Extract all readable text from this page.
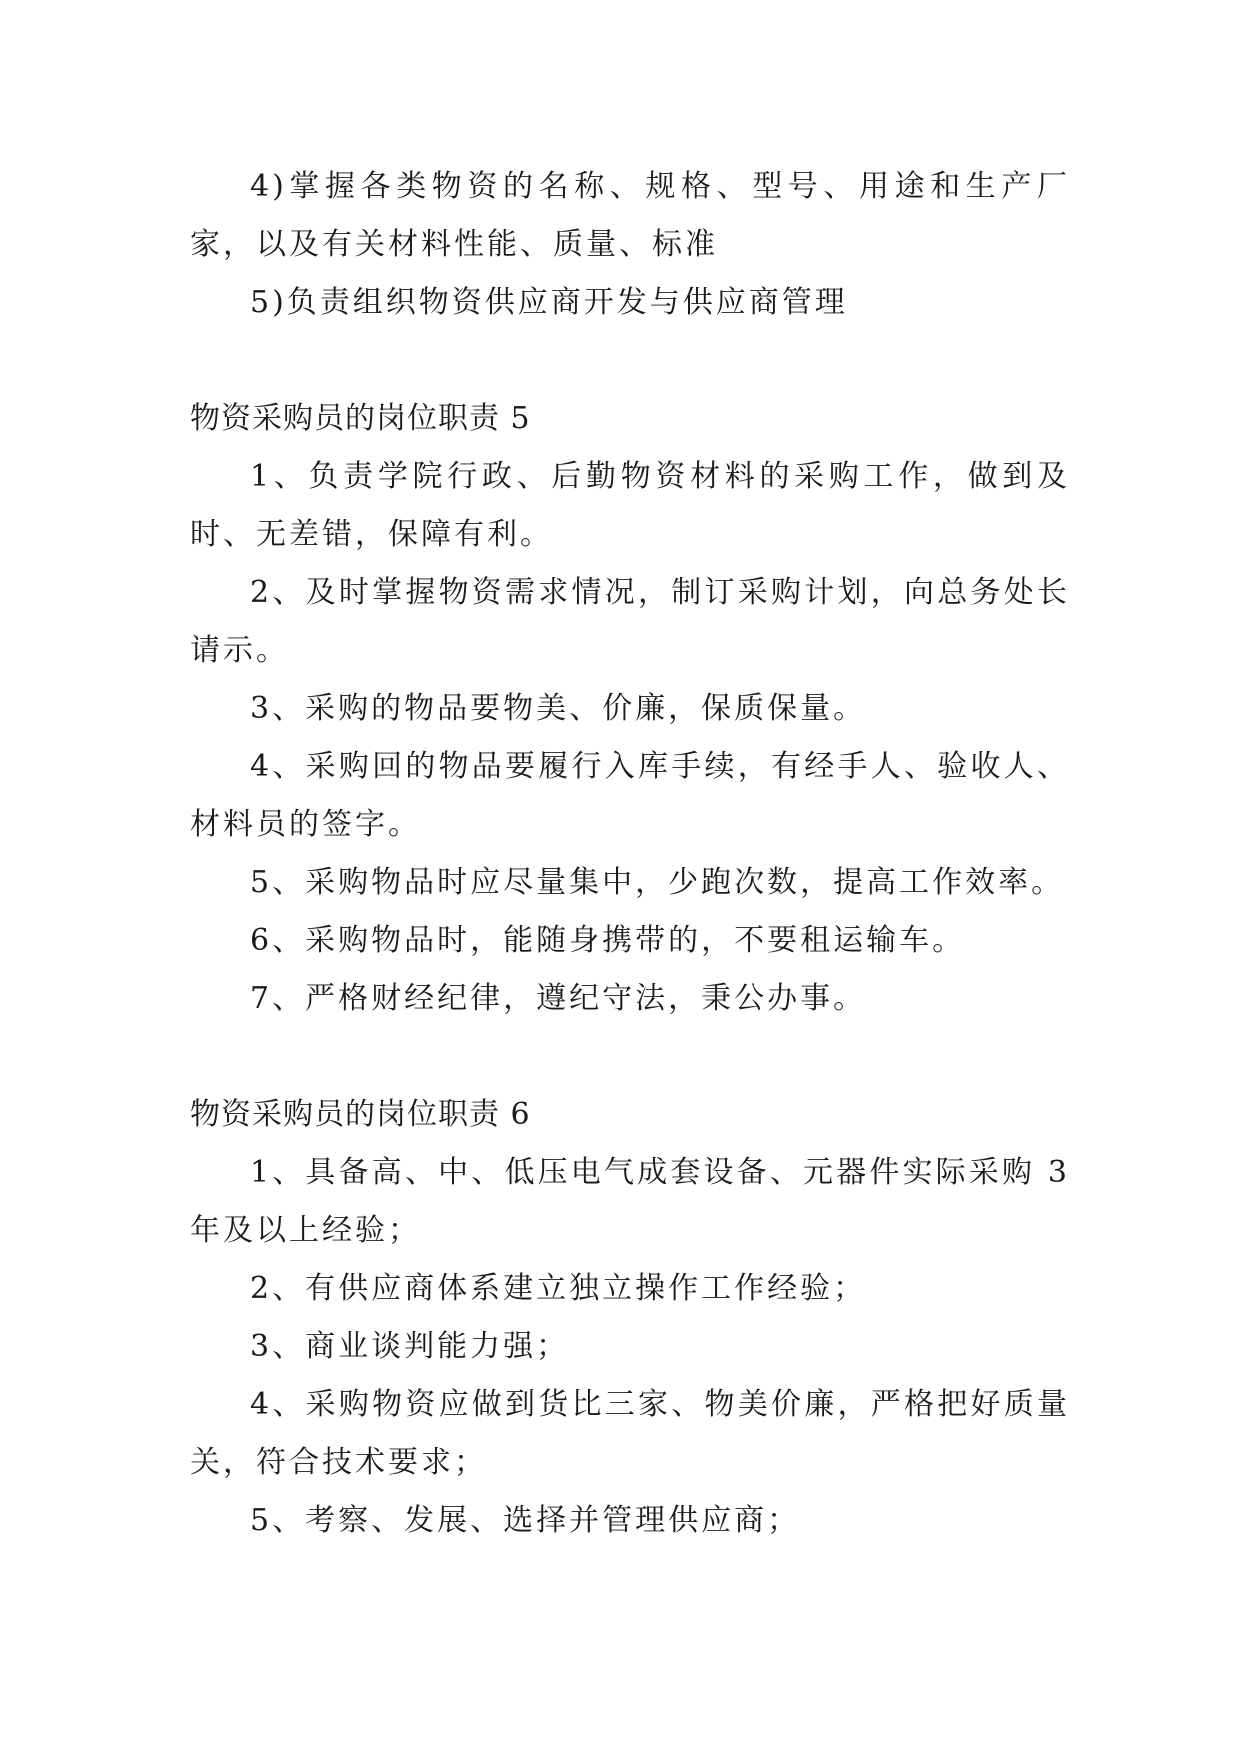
4)掌握各类物资的名称、规格、型号、用途和生产厂家，以及有关材料性能、质量、标准

5)负责组织物资供应商开发与供应商管理

物资采购员的岗位职责 5

1、负责学院行政、后勤物资材料的采购工作，做到及时、无差错，保障有利。

2、及时掌握物资需求情况，制订采购计划，向总务处长请示。

3、采购的物品要物美、价廉，保质保量。

4、采购回的物品要履行入库手续，有经手人、验收人、材料员的签字。

5、采购物品时应尽量集中，少跑次数，提高工作效率。

6、采购物品时，能随身携带的，不要租运输车。

7、严格财经纪律，遵纪守法，秉公办事。

物资采购员的岗位职责 6

1、具备高、中、低压电气成套设备、元器件实际采购 3 年及以上经验；

2、有供应商体系建立独立操作工作经验；

3、商业谈判能力强；

4、采购物资应做到货比三家、物美价廉，严格把好质量关，符合技术要求；

5、考察、发展、选择并管理供应商；
